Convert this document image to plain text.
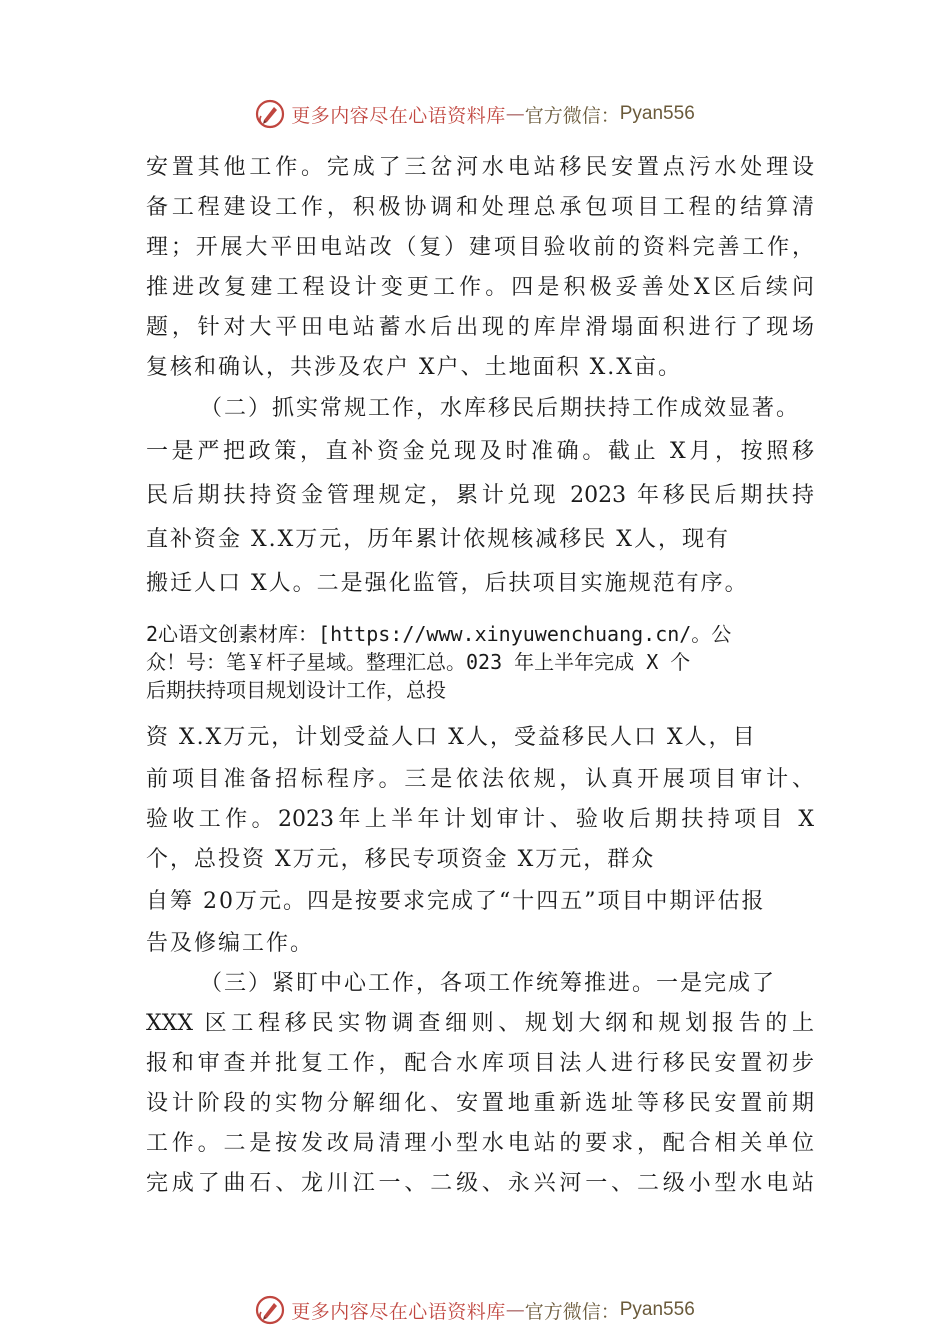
更多内容尽在心语资料库 — 官方微信： Pyan556
安置其他工作。完成了三岔河水电站移民安置点污水处理设
备工程建设工作，积极协调和处理总承包项目工程的结算清
理；开展大平田电站改（复）建项目验收前的资料完善工作，
推进改复建工程设计变更工作。四是积极妥善处X区后续问
题，针对大平田电站蓄水后出现的库岸滑塌面积进行了现场
复核和确认，共涉及农户 X户、土地面积 X.X亩。
（二）抓实常规工作，水库移民后期扶持工作成效显著。
一是严把政策，直补资金兑现及时准确。截止 X月，按照移
民后期扶持资金管理规定，累计兑现 2023 年移民后期扶持
直补资金 X.X万元，历年累计依规核减移民 X人，现有
搬迁人口 X人。二是强化监管，后扶项目实施规范有序。
2心语文创素材库：[https://www.xinyuwenchuang.cn/。公
众！号：笔￥杆子星域。整理汇总。023 年上半年完成 X 个
后期扶持项目规划设计工作，总投
资 X.X万元，计划受益人口 X人，受益移民人口 X人，目
前项目准备招标程序。三是依法依规，认真开展项目审计、
验收工作。2023年上半年计划审计、验收后期扶持项目 X
个，总投资 X万元，移民专项资金 X万元，群众
自筹 20万元。四是按要求完成了“十四五”项目中期评估报
告及修编工作。
（三）紧盯中心工作，各项工作统筹推进。一是完成了
XXX 区工程移民实物调查细则、规划大纲和规划报告的上
报和审查并批复工作，配合水库项目法人进行移民安置初步
设计阶段的实物分解细化、安置地重新选址等移民安置前期
工作。二是按发改局清理小型水电站的要求，配合相关单位
完成了曲石、龙川江一、二级、永兴河一、二级小型水电站
更多内容尽在心语资料库 — 官方微信： Pyan556
